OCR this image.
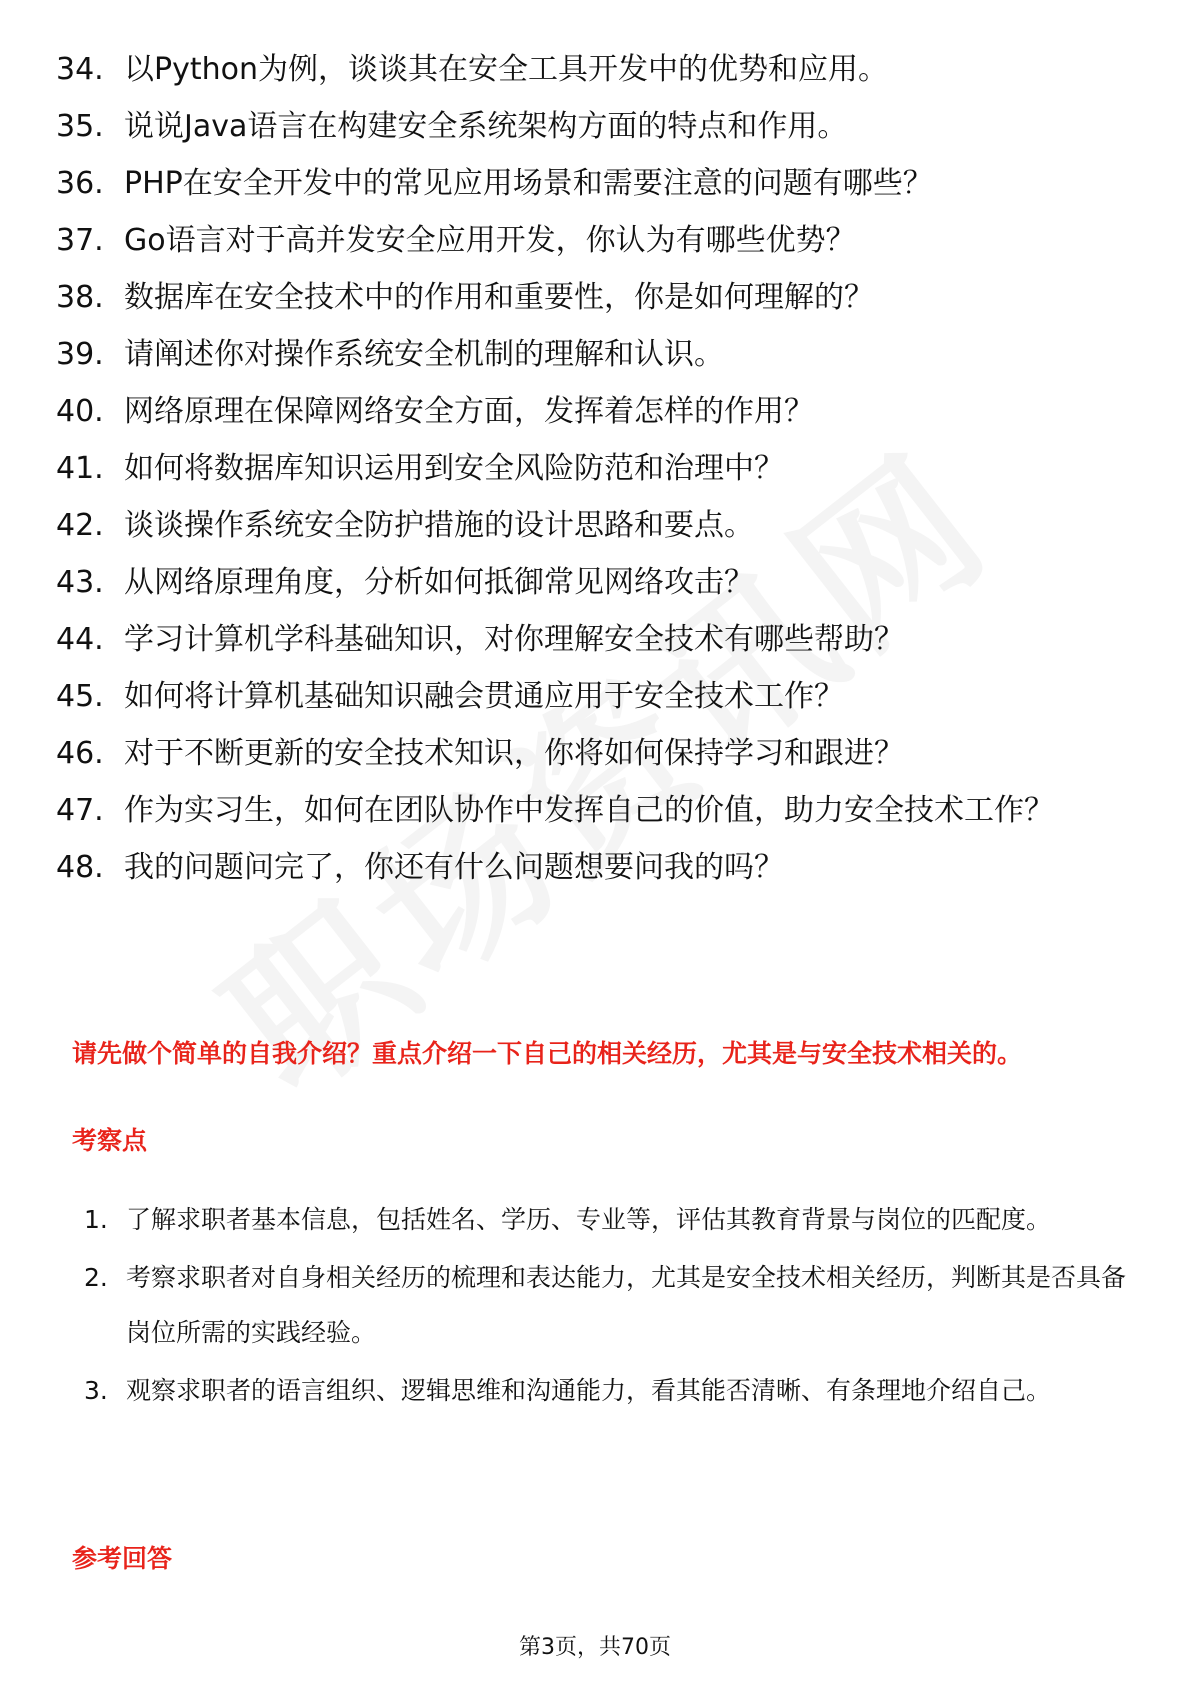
34. 以Python为例，谈谈其在安全工具开发中的优势和应用。
35. 说说Java语言在构建安全系统架构方面的特点和作用。
36. PHP在安全开发中的常见应用场景和需要注意的问题有哪些？
37. Go语言对于高并发安全应用开发，你认为有哪些优势？
38. 数据库在安全技术中的作用和重要性，你是如何理解的？
39. 请阐述你对操作系统安全机制的理解和认识。
40. 网络原理在保障网络安全方面，发挥着怎样的作用？
41. 如何将数据库知识运用到安全风险防范和治理中？
42. 谈谈操作系统安全防护措施的设计思路和要点。
43. 从网络原理角度，分析如何抵御常见网络攻击？
44. 学习计算机学科基础知识，对你理解安全技术有哪些帮助？
45. 如何将计算机基础知识融会贯通应用于安全技术工作？
46. 对于不断更新的安全技术知识，你将如何保持学习和跟进？
47. 作为实习生，如何在团队协作中发挥自己的价值，助力安全技术工作？
48. 我的问题问完了，你还有什么问题想要问我的吗？
请先做个简单的自我介绍？重点介绍一下自己的相关经历，尤其是与安全技术相关的。
考察点
1. 了解求职者基本信息，包括姓名、学历、专业等，评估其教育背景与岗位的匹配度。
2. 考察求职者对自身相关经历的梳理和表达能力，尤其是安全技术相关经历，判断其是否具备岗位所需的实践经验。
3. 观察求职者的语言组织、逻辑思维和沟通能力，看其能否清晰、有条理地介绍自己。
参考回答
第3页，共70页
